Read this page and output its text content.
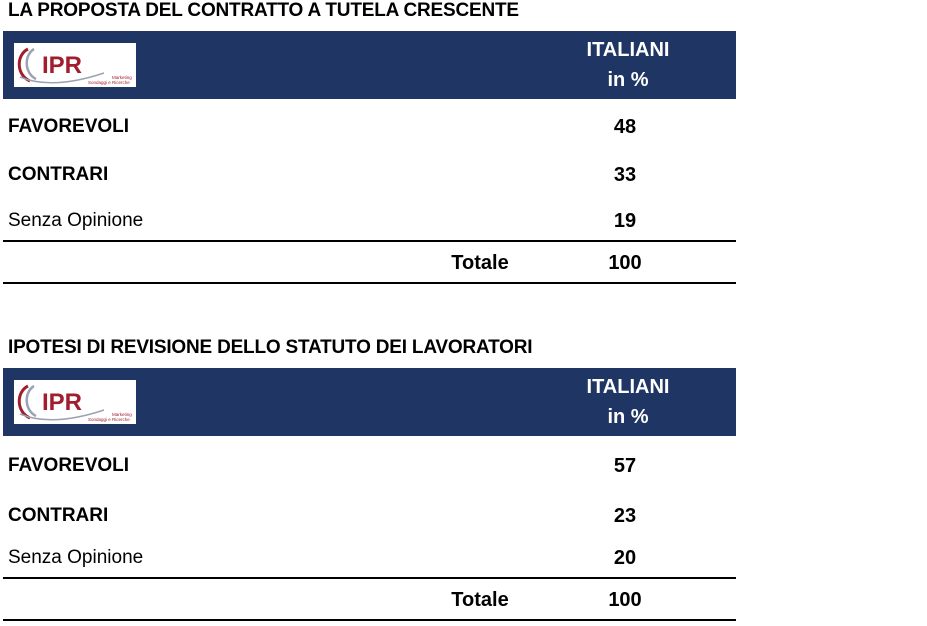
LA PROPOSTA DEL CONTRATTO A TUTELA CRESCENTE
IPR	Marketing
Sondaggi e Ricerche
ITALIANI
in %
FAVOREVOLI	48
CONTRARI	33
Senza Opinione	19
Totale	100
IPOTESI DI REVISIONE DELLO STATUTO DEI LAVORATORI
IPR	Marketing
Sondaggi e Ricerche
ITALIANI
in %
FAVOREVOLI	57
CONTRARI	23
Senza Opinione	20
Totale	100
